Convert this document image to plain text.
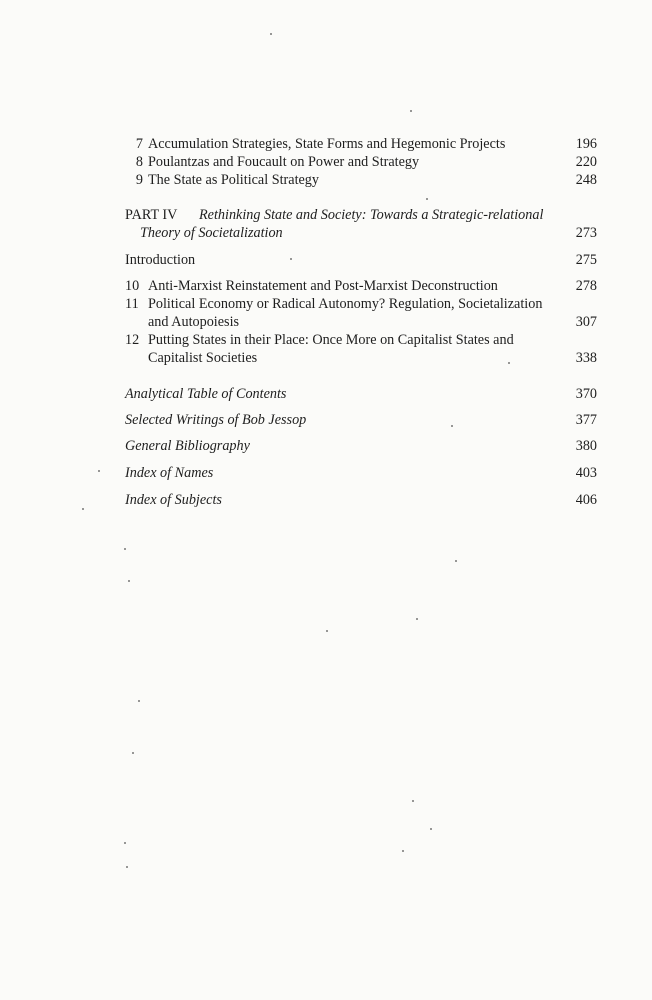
7 Accumulation Strategies, State Forms and Hegemonic Projects	196
8 Poulantzas and Foucault on Power and Strategy	220
9 The State as Political Strategy	248
PART IV Rethinking State and Society: Towards a Strategic-relational
Theory of Societalization	273
Introduction	275
10 Anti-Marxist Reinstatement and Post-Marxist Deconstruction	278
11 Political Economy or Radical Autonomy? Regulation, Societalization
and Autopoiesis	307
12 Putting States in their Place: Once More on Capitalist States and
Capitalist Societies	338
Analytical Table of Contents	370
Selected Writings of Bob Jessop	377
General Bibliography	380
Index of Names	403
Index of Subjects	406
